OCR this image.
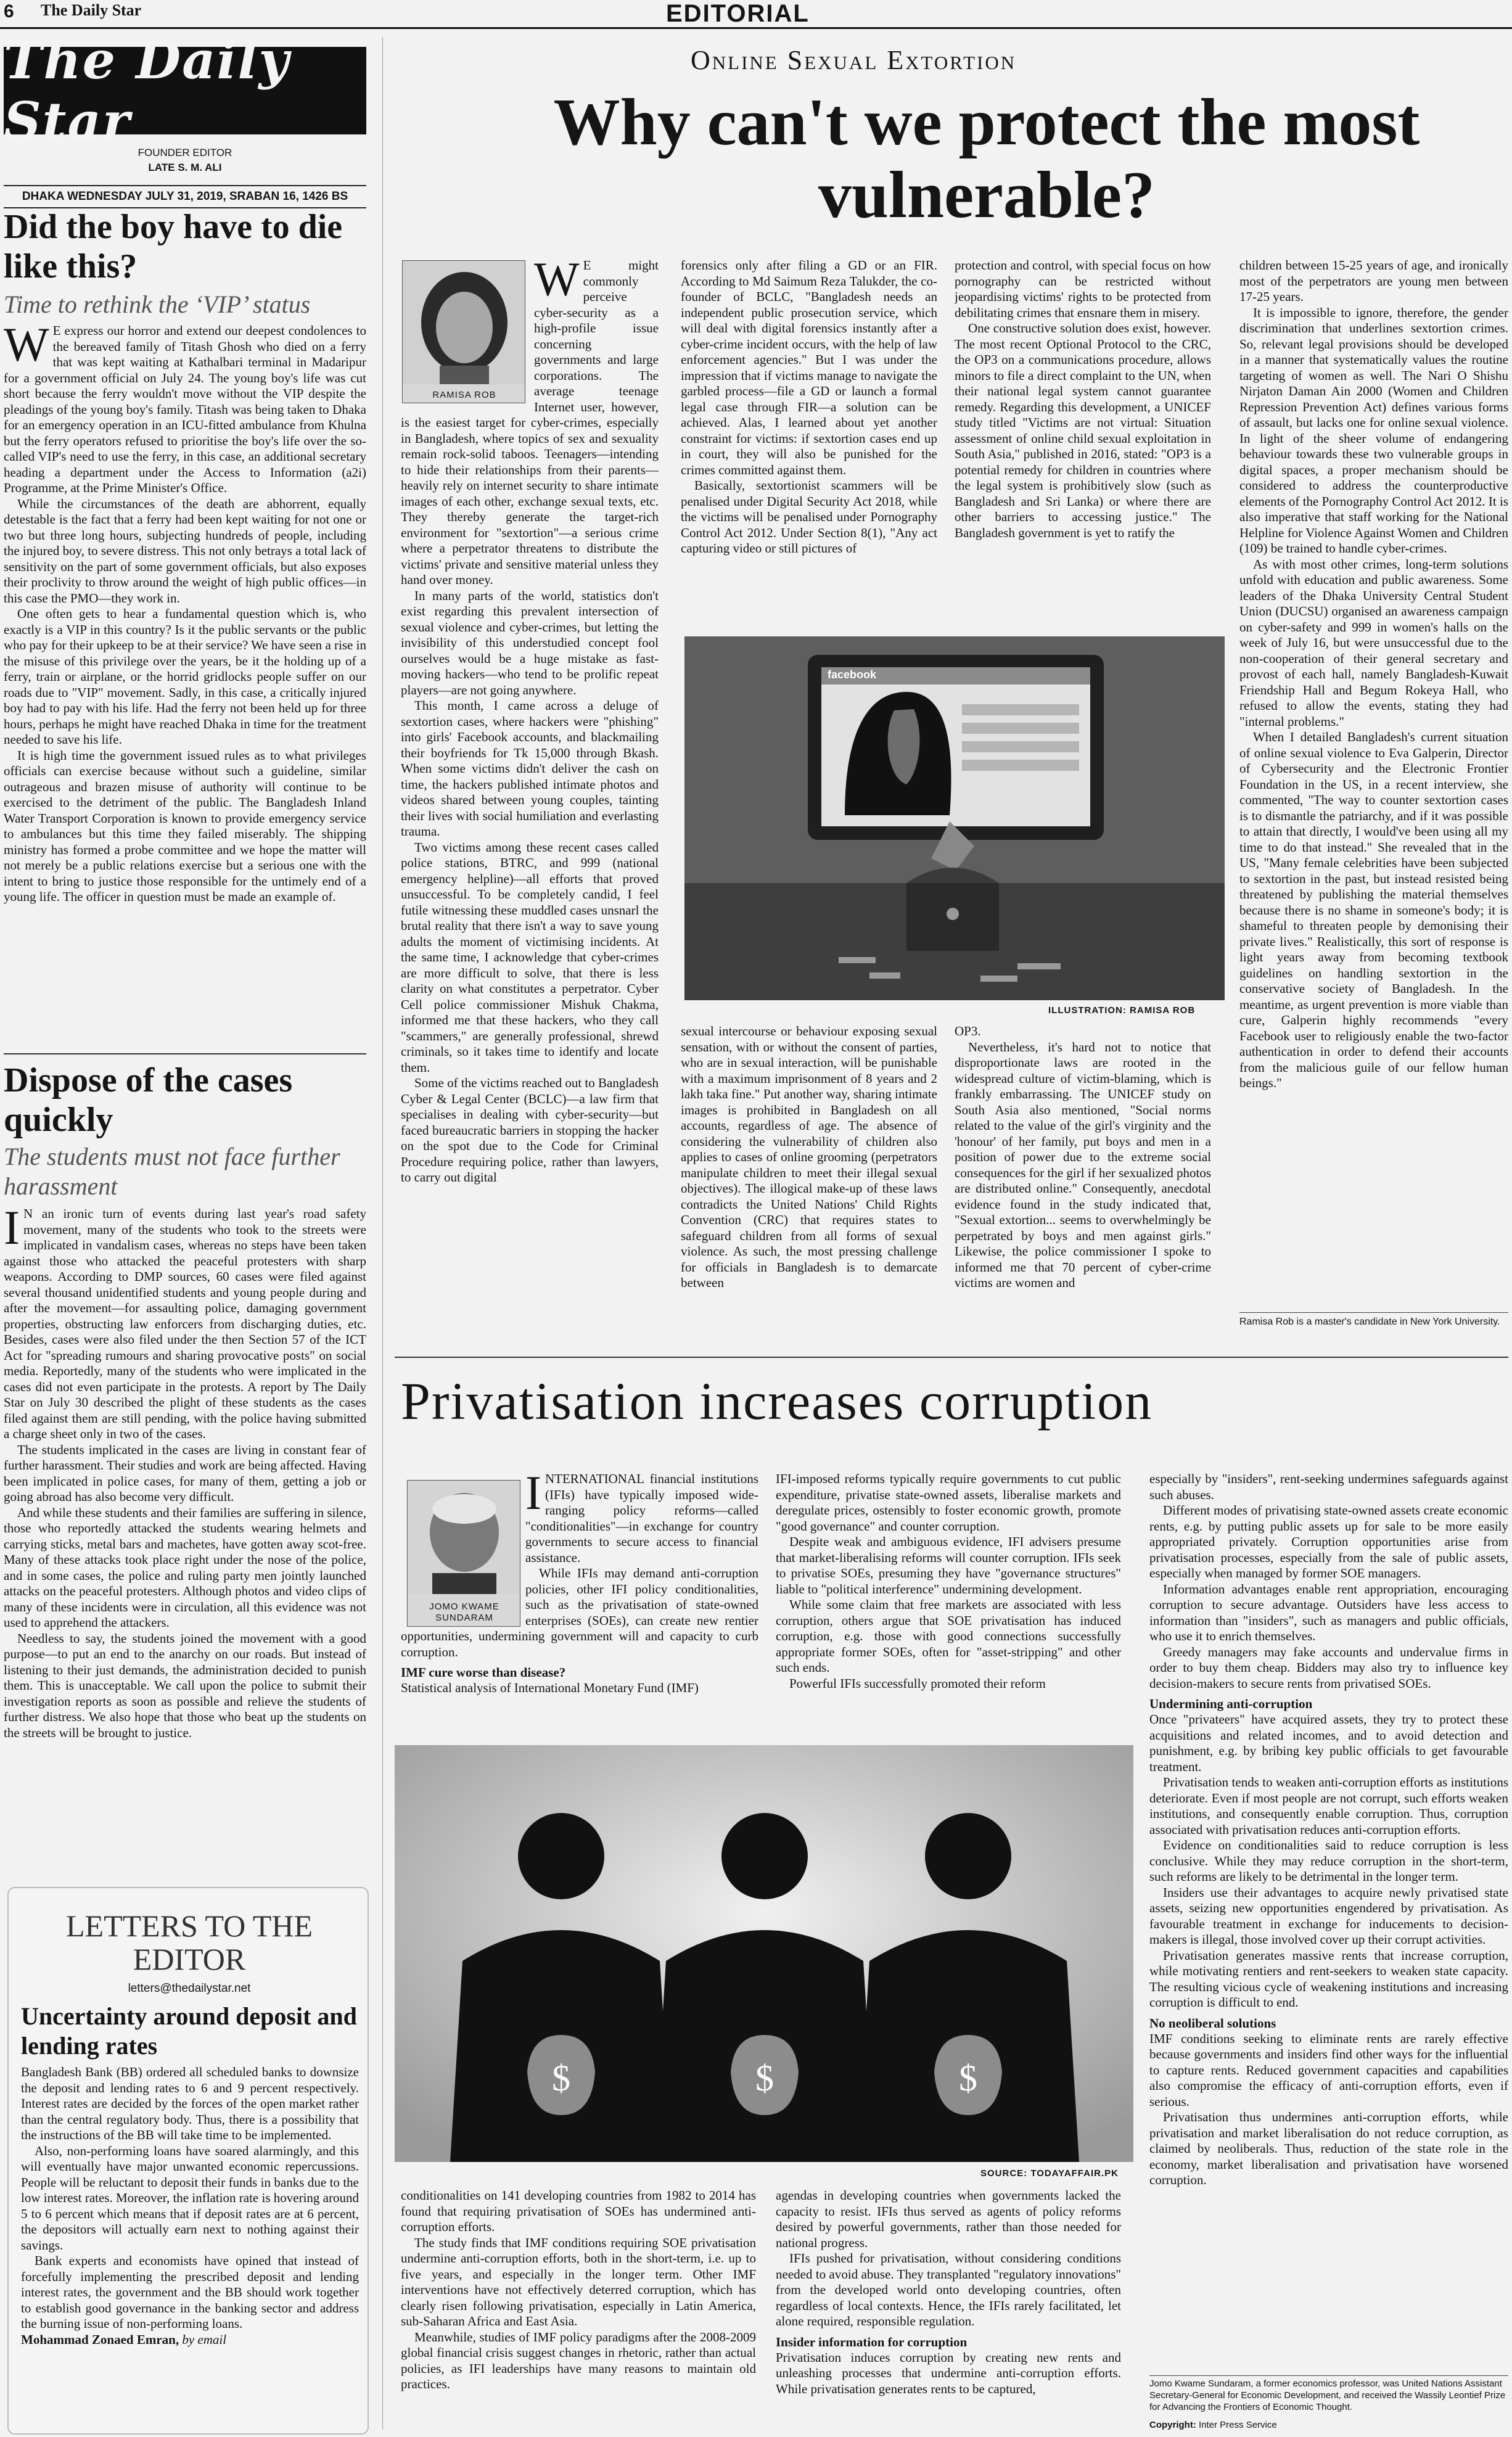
6 The Daily Star	EDITORIAL
The Daily Star
FOUNDER EDITOR
LATE S. M. ALI
DHAKA WEDNESDAY JULY 31, 2019, SRABAN 16, 1426 BS
Did the boy have to die like this?
Time to rethink the ‘VIP’ status

W E express our horror and extend our deepest condolences to the bereaved family of Titash Ghosh who died on a ferry that was kept waiting at Kathalbari terminal in Madaripur for a government official on July 24. The young boy's life was cut short because the ferry wouldn't move without the VIP despite the pleadings of the young boy's family. Titash was being taken to Dhaka for an emergency operation in an ICU-fitted ambulance from Khulna but the ferry operators refused to prioritise the boy's life over the so-called VIP's need to use the ferry, in this case, an additional secretary heading a department under the Access to Information (a2i) Programme, at the Prime Minister's Office.

While the circumstances of the death are abhorrent, equally detestable is the fact that a ferry had been kept waiting for not one or two but three long hours, subjecting hundreds of people, including the injured boy, to severe distress. This not only betrays a total lack of sensitivity on the part of some government officials, but also exposes their proclivity to throw around the weight of high public offices—in this case the PMO—they work in.

One often gets to hear a fundamental question which is, who exactly is a VIP in this country? Is it the public servants or the public who pay for their upkeep to be at their service? We have seen a rise in the misuse of this privilege over the years, be it the holding up of a ferry, train or airplane, or the horrid gridlocks people suffer on our roads due to "VIP" movement. Sadly, in this case, a critically injured boy had to pay with his life. Had the ferry not been held up for three hours, perhaps he might have reached Dhaka in time for the treatment needed to save his life.

It is high time the government issued rules as to what privileges officials can exercise because without such a guideline, similar outrageous and brazen misuse of authority will continue to be exercised to the detriment of the public. The Bangladesh Inland Water Transport Corporation is known to provide emergency service to ambulances but this time they failed miserably. The shipping ministry has formed a probe committee and we hope the matter will not merely be a public relations exercise but a serious one with the intent to bring to justice those responsible for the untimely end of a young life. The officer in question must be made an example of.

Dispose of the cases quickly
The students must not face further harassment

I N an ironic turn of events during last year's road safety movement, many of the students who took to the streets were implicated in vandalism cases, whereas no steps have been taken against those who attacked the peaceful protesters with sharp weapons. According to DMP sources, 60 cases were filed against several thousand unidentified students and young people during and after the movement—for assaulting police, damaging government properties, obstructing law enforcers from discharging duties, etc. Besides, cases were also filed under the then Section 57 of the ICT Act for "spreading rumours and sharing provocative posts" on social media. Reportedly, many of the students who were implicated in the cases did not even participate in the protests. A report by The Daily Star on July 30 described the plight of these students as the cases filed against them are still pending, with the police having submitted a charge sheet only in two of the cases.

The students implicated in the cases are living in constant fear of further harassment. Their studies and work are being affected. Having been implicated in police cases, for many of them, getting a job or going abroad has also become very difficult.

And while these students and their families are suffering in silence, those who reportedly attacked the students wearing helmets and carrying sticks, metal bars and machetes, have gotten away scot-free. Many of these attacks took place right under the nose of the police, and in some cases, the police and ruling party men jointly launched attacks on the peaceful protesters. Although photos and video clips of many of these incidents were in circulation, all this evidence was not used to apprehend the attackers.

Needless to say, the students joined the movement with a good purpose—to put an end to the anarchy on our roads. But instead of listening to their just demands, the administration decided to punish them. This is unacceptable. We call upon the police to submit their investigation reports as soon as possible and relieve the students of further distress. We also hope that those who beat up the students on the streets will be brought to justice.

LETTERS TO THE EDITOR
letters@thedailystar.net
Uncertainty around deposit and lending rates

Bangladesh Bank (BB) ordered all scheduled banks to downsize the deposit and lending rates to 6 and 9 percent respectively. Interest rates are decided by the forces of the open market rather than the central regulatory body. Thus, there is a possibility that the instructions of the BB will take time to be implemented.

Also, non-performing loans have soared alarmingly, and this will eventually have major unwanted economic repercussions. People will be reluctant to deposit their funds in banks due to the low interest rates. Moreover, the inflation rate is hovering around 5 to 6 percent which means that if deposit rates are at 6 percent, the depositors will actually earn next to nothing against their savings.

Bank experts and economists have opined that instead of forcefully implementing the prescribed deposit and lending interest rates, the government and the BB should work together to establish good governance in the banking sector and address the burning issue of non-performing loans.

Mohammad Zonaed Emran, by email

Online Sexual Extortion
Why can't we protect the most vulnerable?
RAMISA ROB

W E might commonly perceive cyber-security as a high-profile issue concerning governments and large corporations. The average teenage Internet user, however, is the easiest target for cyber-crimes, especially in Bangladesh, where topics of sex and sexuality remain rock-solid taboos. Teenagers—intending to hide their relationships from their parents—heavily rely on internet security to share intimate images of each other, exchange sexual texts, etc. They thereby generate the target-rich environment for "sextortion"—a serious crime where a perpetrator threatens to distribute the victims' private and sensitive material unless they hand over money.

In many parts of the world, statistics don't exist regarding this prevalent intersection of sexual violence and cyber-crimes, but letting the invisibility of this understudied concept fool ourselves would be a huge mistake as fast-moving hackers—who tend to be prolific repeat players—are not going anywhere.

This month, I came across a deluge of sextortion cases, where hackers were "phishing" into girls' Facebook accounts, and blackmailing their boyfriends for Tk 15,000 through Bkash. When some victims didn't deliver the cash on time, the hackers published intimate photos and videos shared between young couples, tainting their lives with social humiliation and everlasting trauma.

Two victims among these recent cases called police stations, BTRC, and 999 (national emergency helpline)—all efforts that proved unsuccessful. To be completely candid, I feel futile witnessing these muddled cases unsnarl the brutal reality that there isn't a way to save young adults the moment of victimising incidents. At the same time, I acknowledge that cyber-crimes are more difficult to solve, that there is less clarity on what constitutes a perpetrator. Cyber Cell police commissioner Mishuk Chakma, informed me that these hackers, who they call "scammers," are generally professional, shrewd criminals, so it takes time to identify and locate them.

Some of the victims reached out to Bangladesh Cyber & Legal Center (BCLC)—a law firm that specialises in dealing with cyber-security—but faced bureaucratic barriers in stopping the hacker on the spot due to the Code for Criminal Procedure requiring police, rather than lawyers, to carry out digital

forensics only after filing a GD or an FIR. According to Md Saimum Reza Talukder, the co-founder of BCLC, "Bangladesh needs an independent public prosecution service, which will deal with digital forensics instantly after a cyber-crime incident occurs, with the help of law enforcement agencies." But I was under the impression that if victims manage to navigate the garbled process—file a GD or launch a formal legal case through FIR—a solution can be achieved. Alas, I learned about yet another constraint for victims: if sextortion cases end up in court, they will also be punished for the crimes committed against them.

Basically, sextortionist scammers will be penalised under Digital Security Act 2018, while the victims will be penalised under Pornography Control Act 2012. Under Section 8(1), "Any act capturing video or still pictures of

protection and control, with special focus on how pornography can be restricted without jeopardising victims' rights to be protected from debilitating crimes that ensnare them in misery.

One constructive solution does exist, however. The most recent Optional Protocol to the CRC, the OP3 on a communications procedure, allows minors to file a direct complaint to the UN, when their national legal system cannot guarantee remedy. Regarding this development, a UNICEF study titled "Victims are not virtual: Situation assessment of online child sexual exploitation in South Asia," published in 2016, stated: "OP3 is a potential remedy for children in countries where the legal system is prohibitively slow (such as Bangladesh and Sri Lanka) or where there are other barriers to accessing justice." The Bangladesh government is yet to ratify the

facebook
ILLUSTRATION: RAMISA ROB

sexual intercourse or behaviour exposing sexual sensation, with or without the consent of parties, who are in sexual interaction, will be punishable with a maximum imprisonment of 8 years and 2 lakh taka fine." Put another way, sharing intimate images is prohibited in Bangladesh on all accounts, regardless of age. The absence of considering the vulnerability of children also applies to cases of online grooming (perpetrators manipulate children to meet their illegal sexual objectives). The illogical make-up of these laws contradicts the United Nations' Child Rights Convention (CRC) that requires states to safeguard children from all forms of sexual violence. As such, the most pressing challenge for officials in Bangladesh is to demarcate between

OP3.

Nevertheless, it's hard not to notice that disproportionate laws are rooted in the widespread culture of victim-blaming, which is frankly embarrassing. The UNICEF study on South Asia also mentioned, "Social norms related to the value of the girl's virginity and the 'honour' of her family, put boys and men in a position of power due to the extreme social consequences for the girl if her sexualized photos are distributed online." Consequently, anecdotal evidence found in the study indicated that, "Sexual extortion... seems to overwhelmingly be perpetrated by boys and men against girls." Likewise, the police commissioner I spoke to informed me that 70 percent of cyber-crime victims are women and

children between 15-25 years of age, and ironically most of the perpetrators are young men between 17-25 years.

It is impossible to ignore, therefore, the gender discrimination that underlines sextortion crimes. So, relevant legal provisions should be developed in a manner that systematically values the routine targeting of women as well. The Nari O Shishu Nirjaton Daman Ain 2000 (Women and Children Repression Prevention Act) defines various forms of assault, but lacks one for online sexual violence. In light of the sheer volume of endangering behaviour towards these two vulnerable groups in digital spaces, a proper mechanism should be considered to address the counterproductive elements of the Pornography Control Act 2012. It is also imperative that staff working for the National Helpline for Violence Against Women and Children (109) be trained to handle cyber-crimes.

As with most other crimes, long-term solutions unfold with education and public awareness. Some leaders of the Dhaka University Central Student Union (DUCSU) organised an awareness campaign on cyber-safety and 999 in women's halls on the week of July 16, but were unsuccessful due to the non-cooperation of their general secretary and provost of each hall, namely Bangladesh-Kuwait Friendship Hall and Begum Rokeya Hall, who refused to allow the events, stating they had "internal problems."

When I detailed Bangladesh's current situation of online sexual violence to Eva Galperin, Director of Cybersecurity and the Electronic Frontier Foundation in the US, in a recent interview, she commented, "The way to counter sextortion cases is to dismantle the patriarchy, and if it was possible to attain that directly, I would've been using all my time to do that instead." She revealed that in the US, "Many female celebrities have been subjected to sextortion in the past, but instead resisted being threatened by publishing the material themselves because there is no shame in someone's body; it is shameful to threaten people by demonising their private lives." Realistically, this sort of response is light years away from becoming textbook guidelines on handling sextortion in the conservative society of Bangladesh. In the meantime, as urgent prevention is more viable than cure, Galperin highly recommends "every Facebook user to religiously enable the two-factor authentication in order to defend their accounts from the malicious guile of our fellow human beings."

Ramisa Rob is a master's candidate in New York University.
Privatisation increases corruption
JOMO KWAME SUNDARAM

INTERNATIONAL financial institutions (IFIs) have typically imposed wide-ranging policy reforms—called "conditionalities"—in exchange for country governments to secure access to financial assistance.

While IFIs may demand anti-corruption policies, other IFI policy conditionalities, such as the privatisation of state-owned enterprises (SOEs), can create new rentier opportunities, undermining government will and capacity to curb corruption.

IMF cure worse than disease?

Statistical analysis of International Monetary Fund (IMF)

IFI-imposed reforms typically require governments to cut public expenditure, privatise state-owned assets, liberalise markets and deregulate prices, ostensibly to foster economic growth, promote "good governance" and counter corruption.

Despite weak and ambiguous evidence, IFI advisers presume that market-liberalising reforms will counter corruption. IFIs seek to privatise SOEs, presuming they have "governance structures" liable to "political interference" undermining development.

While some claim that free markets are associated with less corruption, others argue that SOE privatisation has induced corruption, e.g. those with good connections successfully appropriate former SOEs, often for "asset-stripping" and other such ends.

Powerful IFIs successfully promoted their reform

$	$	$
SOURCE: TODAYAFFAIR.PK

conditionalities on 141 developing countries from 1982 to 2014 has found that requiring privatisation of SOEs has undermined anti-corruption efforts.

The study finds that IMF conditions requiring SOE privatisation undermine anti-corruption efforts, both in the short-term, i.e. up to five years, and especially in the longer term. Other IMF interventions have not effectively deterred corruption, which has clearly risen following privatisation, especially in Latin America, sub-Saharan Africa and East Asia.

Meanwhile, studies of IMF policy paradigms after the 2008-2009 global financial crisis suggest changes in rhetoric, rather than actual policies, as IFI leaderships have many reasons to maintain old practices.

agendas in developing countries when governments lacked the capacity to resist. IFIs thus served as agents of policy reforms desired by powerful governments, rather than those needed for national progress.

IFIs pushed for privatisation, without considering conditions needed to avoid abuse. They transplanted "regulatory innovations" from the developed world onto developing countries, often regardless of local contexts. Hence, the IFIs rarely facilitated, let alone required, responsible regulation.

Insider information for corruption

Privatisation induces corruption by creating new rents and unleashing processes that undermine anti-corruption efforts. While privatisation generates rents to be captured,

especially by "insiders", rent-seeking undermines safeguards against such abuses.

Different modes of privatising state-owned assets create economic rents, e.g. by putting public assets up for sale to be more easily appropriated privately. Corruption opportunities arise from privatisation processes, especially from the sale of public assets, especially when managed by former SOE managers.

Information advantages enable rent appropriation, encouraging corruption to secure advantage. Outsiders have less access to information than "insiders", such as managers and public officials, who use it to enrich themselves.

Greedy managers may fake accounts and undervalue firms in order to buy them cheap. Bidders may also try to influence key decision-makers to secure rents from privatised SOEs.

Undermining anti-corruption

Once "privateers" have acquired assets, they try to protect these acquisitions and related incomes, and to avoid detection and punishment, e.g. by bribing key public officials to get favourable treatment.

Privatisation tends to weaken anti-corruption efforts as institutions deteriorate. Even if most people are not corrupt, such efforts weaken institutions, and consequently enable corruption. Thus, corruption associated with privatisation reduces anti-corruption efforts.

Evidence on conditionalities said to reduce corruption is less conclusive. While they may reduce corruption in the short-term, such reforms are likely to be detrimental in the longer term.

Insiders use their advantages to acquire newly privatised state assets, seizing new opportunities engendered by privatisation. As favourable treatment in exchange for inducements to decision-makers is illegal, those involved cover up their corrupt activities.

Privatisation generates massive rents that increase corruption, while motivating rentiers and rent-seekers to weaken state capacity. The resulting vicious cycle of weakening institutions and increasing corruption is difficult to end.

No neoliberal solutions

IMF conditions seeking to eliminate rents are rarely effective because governments and insiders find other ways for the influential to capture rents. Reduced government capacities and capabilities also compromise the efficacy of anti-corruption efforts, even if serious.

Privatisation thus undermines anti-corruption efforts, while privatisation and market liberalisation do not reduce corruption, as claimed by neoliberals. Thus, reduction of the state role in the economy, market liberalisation and privatisation have worsened corruption.

Jomo Kwame Sundaram, a former economics professor, was United Nations Assistant Secretary-General for Economic Development, and received the Wassily Leontief Prize for Advancing the Frontiers of Economic Thought.
Copyright: Inter Press Service
